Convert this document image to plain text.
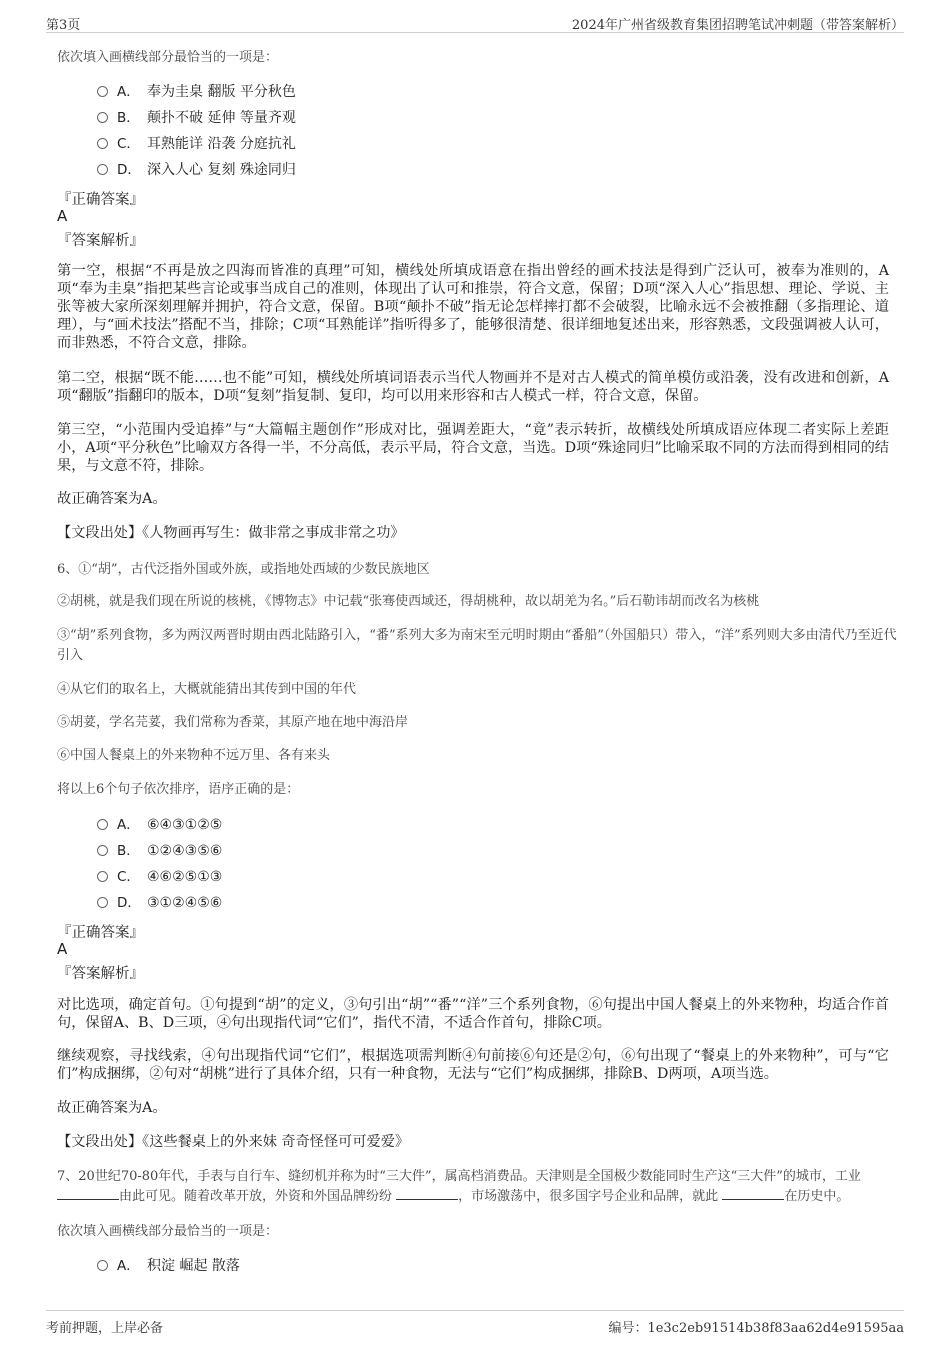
第3页	2024年广州省级教育集团招聘笔试冲刺题（带答案解析）
依次填入画横线部分最恰当的一项是：
A． 奉为圭臬 翻版 平分秋色
B． 颠扑不破 延伸 等量齐观
C． 耳熟能详 沿袭 分庭抗礼
D． 深入人心 复刻 殊途同归
『正确答案』
A
『答案解析』
第一空，根据“不再是放之四海而皆准的真理”可知，横线处所填成语意在指出曾经的画术技法是得到广泛认可，被奉为准则的，A项“奉为圭臬”指把某些言论或事当成自己的准则，体现出了认可和推崇，符合文意，保留；D项“深入人心”指思想、理论、学说、主张等被大家所深刻理解并拥护，符合文意，保留。B项“颠扑不破”指无论怎样摔打都不会破裂，比喻永远不会被推翻（多指理论、道理），与“画术技法”搭配不当，排除；C项“耳熟能详”指听得多了，能够很清楚、很详细地复述出来，形容熟悉，文段强调被人认可，而非熟悉，不符合文意，排除。
第二空，根据“既不能……也不能”可知，横线处所填词语表示当代人物画并不是对古人模式的简单模仿或沿袭，没有改进和创新，A项“翻版”指翻印的版本，D项“复刻”指复制、复印，均可以用来形容和古人模式一样，符合文意，保留。
第三空，“小范围内受追捧”与“大篇幅主题创作”形成对比，强调差距大，“竟”表示转折，故横线处所填成语应体现二者实际上差距小，A项“平分秋色”比喻双方各得一半，不分高低，表示平局，符合文意，当选。D项“殊途同归”比喻采取不同的方法而得到相同的结果，与文意不符，排除。
故正确答案为A。
【文段出处】《人物画再写生：做非常之事成非常之功》
6、①“胡”，古代泛指外国或外族，或指地处西域的少数民族地区
②胡桃，就是我们现在所说的核桃，《博物志》中记载“张骞使西域还，得胡桃种，故以胡羌为名。”后石勒讳胡而改名为核桃
③“胡”系列食物，多为两汉两晋时期由西北陆路引入，“番”系列大多为南宋至元明时期由“番船”（外国船只）带入，“洋”系列则大多由清代乃至近代引入
④从它们的取名上，大概就能猜出其传到中国的年代
⑤胡荽，学名芫荽，我们常称为香菜，其原产地在地中海沿岸
⑥中国人餐桌上的外来物种不远万里、各有来头
将以上6个句子依次排序，语序正确的是：
A． ⑥④③①②⑤
B． ①②④③⑤⑥
C． ④⑥②⑤①③
D． ③①②④⑤⑥
『正确答案』
A
『答案解析』
对比选项，确定首句。①句提到“胡”的定义，③句引出“胡”“番”“洋”三个系列食物，⑥句提出中国人餐桌上的外来物种，均适合作首句，保留A、B、D三项，④句出现指代词“它们”，指代不清，不适合作首句，排除C项。
继续观察，寻找线索，④句出现指代词“它们”，根据选项需判断④句前接⑥句还是②句，⑥句出现了“餐桌上的外来物种”，可与“它们”构成捆绑，②句对“胡桃”进行了具体介绍，只有一种食物，无法与“它们”构成捆绑，排除B、D两项，A项当选。
故正确答案为A。
【文段出处】《这些餐桌上的外来妹 奇奇怪怪可可爱爱》
7、20世纪70-80年代，手表与自行车、缝纫机并称为时“三大件”，属高档消费品。天津则是全国极少数能同时生产这“三大件”的城市，工业
由此可见。随着改革开放，外资和外国品牌纷纷	，市场激荡中，很多国字号企业和品牌，就此	在历史中。
依次填入画横线部分最恰当的一项是：
A． 积淀 崛起 散落
考前押题，上岸必备	编号：1e3c2eb91514b38f83aa62d4e91595aa
